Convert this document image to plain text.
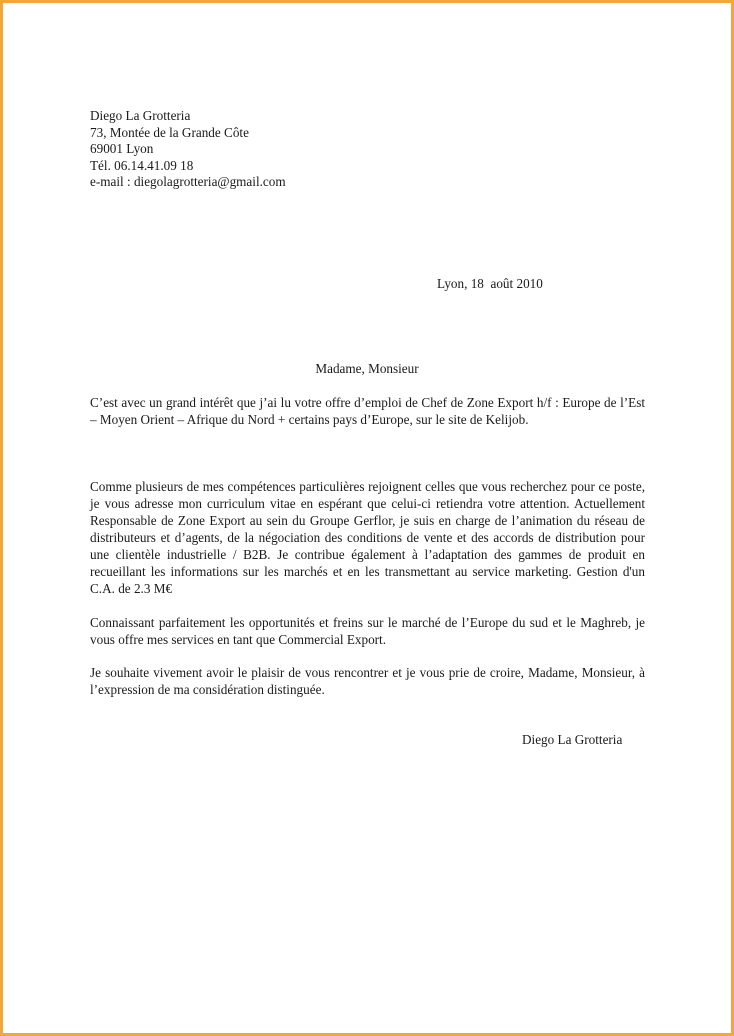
Diego La Grotteria
73, Montée de la Grande Côte
69001 Lyon
Tél. 06.14.41.09 18
e-mail : diegolagrotteria@gmail.com
Lyon, 18  août 2010
Madame, Monsieur

C’est avec un grand intérêt que j’ai lu votre offre d’emploi de Chef de Zone Export h/f : Europe de l’Est – Moyen Orient – Afrique du Nord + certains pays d’Europe, sur le site de Kelijob.

Comme plusieurs de mes compétences particulières rejoignent celles que vous recherchez pour ce poste, je vous adresse mon curriculum vitae en espérant que celui-ci retiendra votre attention. Actuellement Responsable de Zone Export au sein du Groupe Gerflor, je suis en charge de l’animation du réseau de distributeurs et d’agents, de la négociation des conditions de vente et des accords de distribution pour une clientèle industrielle / B2B. Je contribue également à l’adaptation des gammes de produit en recueillant les informations sur les marchés et en les transmettant au service marketing. Gestion d'un C.A. de 2.3 M€

Connaissant parfaitement les opportunités et freins sur le marché de l’Europe du sud et le Maghreb, je vous offre mes services en tant que Commercial Export.

Je souhaite vivement avoir le plaisir de vous rencontrer et je vous prie de croire, Madame, Monsieur, à l’expression de ma considération distinguée.

Diego La Grotteria
